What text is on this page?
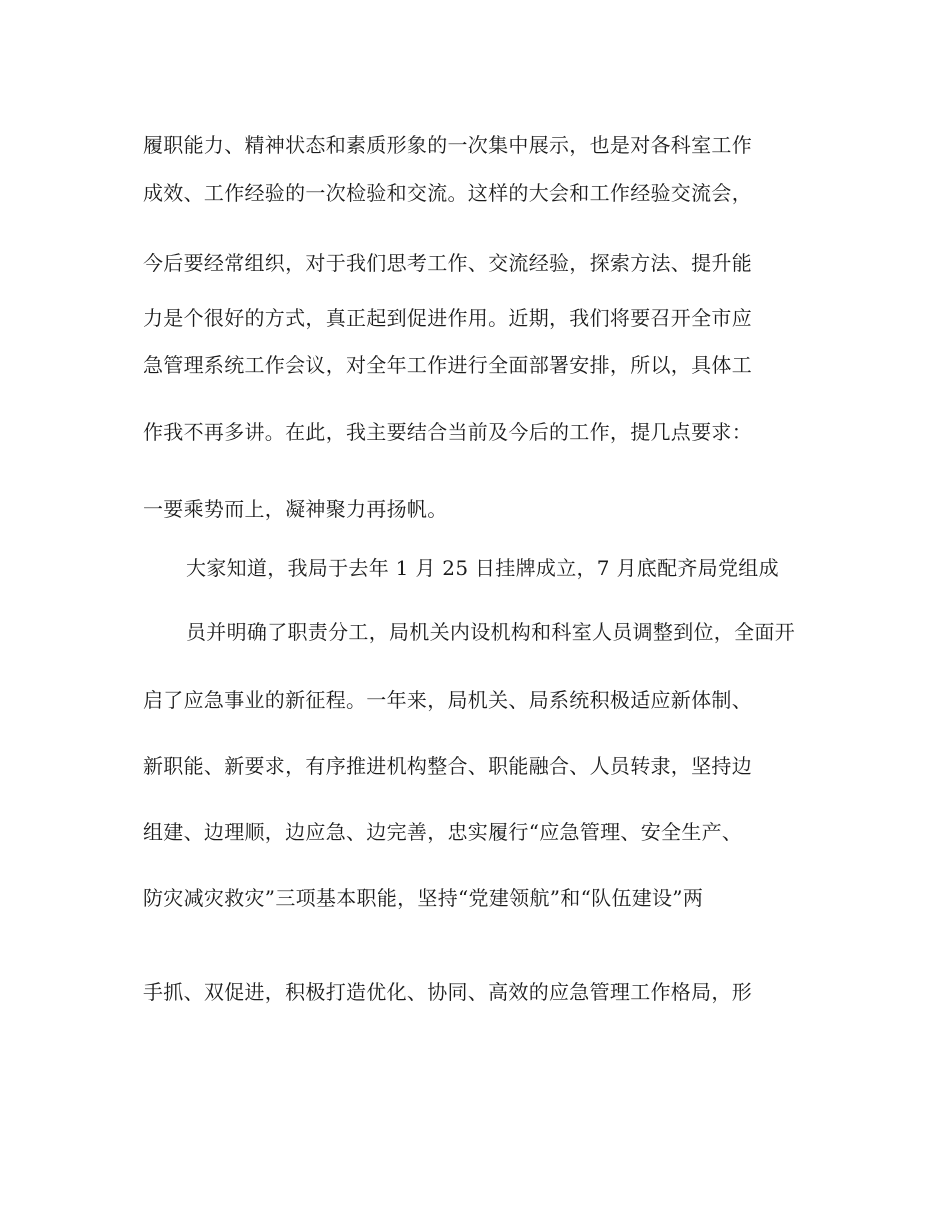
履职能力、精神状态和素质形象的一次集中展示，也是对各科室工作
成效、工作经验的一次检验和交流。这样的大会和工作经验交流会，
今后要经常组织，对于我们思考工作、交流经验，探索方法、提升能
力是个很好的方式，真正起到促进作用。近期，我们将要召开全市应
急管理系统工作会议，对全年工作进行全面部署安排，所以，具体工
作我不再多讲。在此，我主要结合当前及今后的工作，提几点要求：
一要乘势而上，凝神聚力再扬帆。
大家知道，我局于去年 1 月 25 日挂牌成立，7 月底配齐局党组成
员并明确了职责分工，局机关内设机构和科室人员调整到位，全面开
启了应急事业的新征程。一年来，局机关、局系统积极适应新体制、
新职能、新要求，有序推进机构整合、职能融合、人员转隶，坚持边
组建、边理顺，边应急、边完善，忠实履行“应急管理、安全生产、
防灾减灾救灾”三项基本职能，坚持“党建领航”和“队伍建设”两
手抓、双促进，积极打造优化、协同、高效的应急管理工作格局，形
